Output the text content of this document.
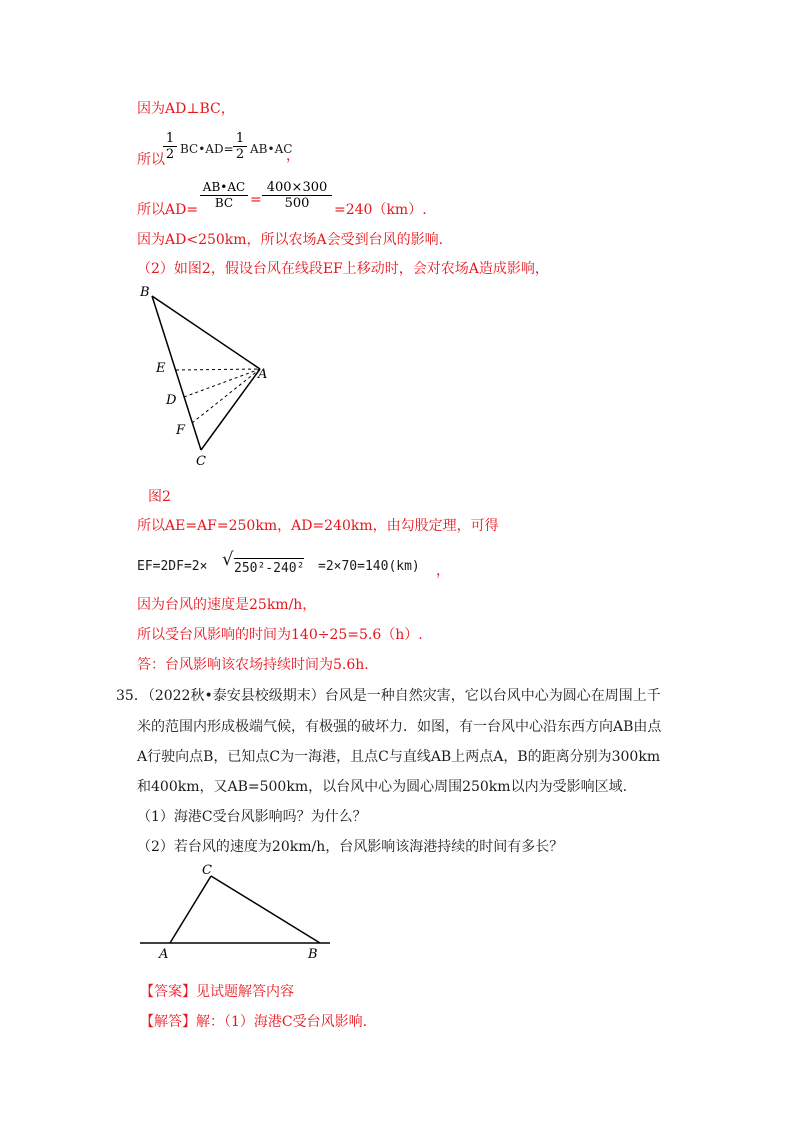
因为AD⊥BC，
所以
$\frac{1}{2}$ BC•AD= $\frac{1}{2}$ AB•AC
，
所以$AD= \frac{AB•AC}{BC} = \frac{400\times 300}{500} =240(km)$.
因为AD<250km，所以农场A会受到台风的影响.
（2）如图2，假设台风在线段EF上移动时，会对农场A造成影响，
B
E	A
D
F
C
图2
所以AE=AF=250km，AD=240km，由勾股定理，可得
EF=2DF=2× √ 250²-240² =2×70=140(km) ，
因为台风的速度是25km/h，
所以受台风影响的时间为140÷25=5.6（h）.
答：台风影响该农场持续时间为5.6h.
35．（2022秋•泰安县校级期末）台风是一种自然灾害，它以台风中心为圆心在周围上千
米的范围内形成极端气候，有极强的破坏力．如图，有一台风中心沿东西方向AB由点
A行驶向点B，已知点C为一海港，且点C与直线AB上两点A，B的距离分别为300km
和400km，又AB=500km，以台风中心为圆心周围250km以内为受影响区域.
（1）海港C受台风影响吗？为什么？
（2）若台风的速度为20km/h，台风影响该海港持续的时间有多长？
C
A	B
【答案】见试题解答内容
【解答】解：（1）海港C受台风影响.
